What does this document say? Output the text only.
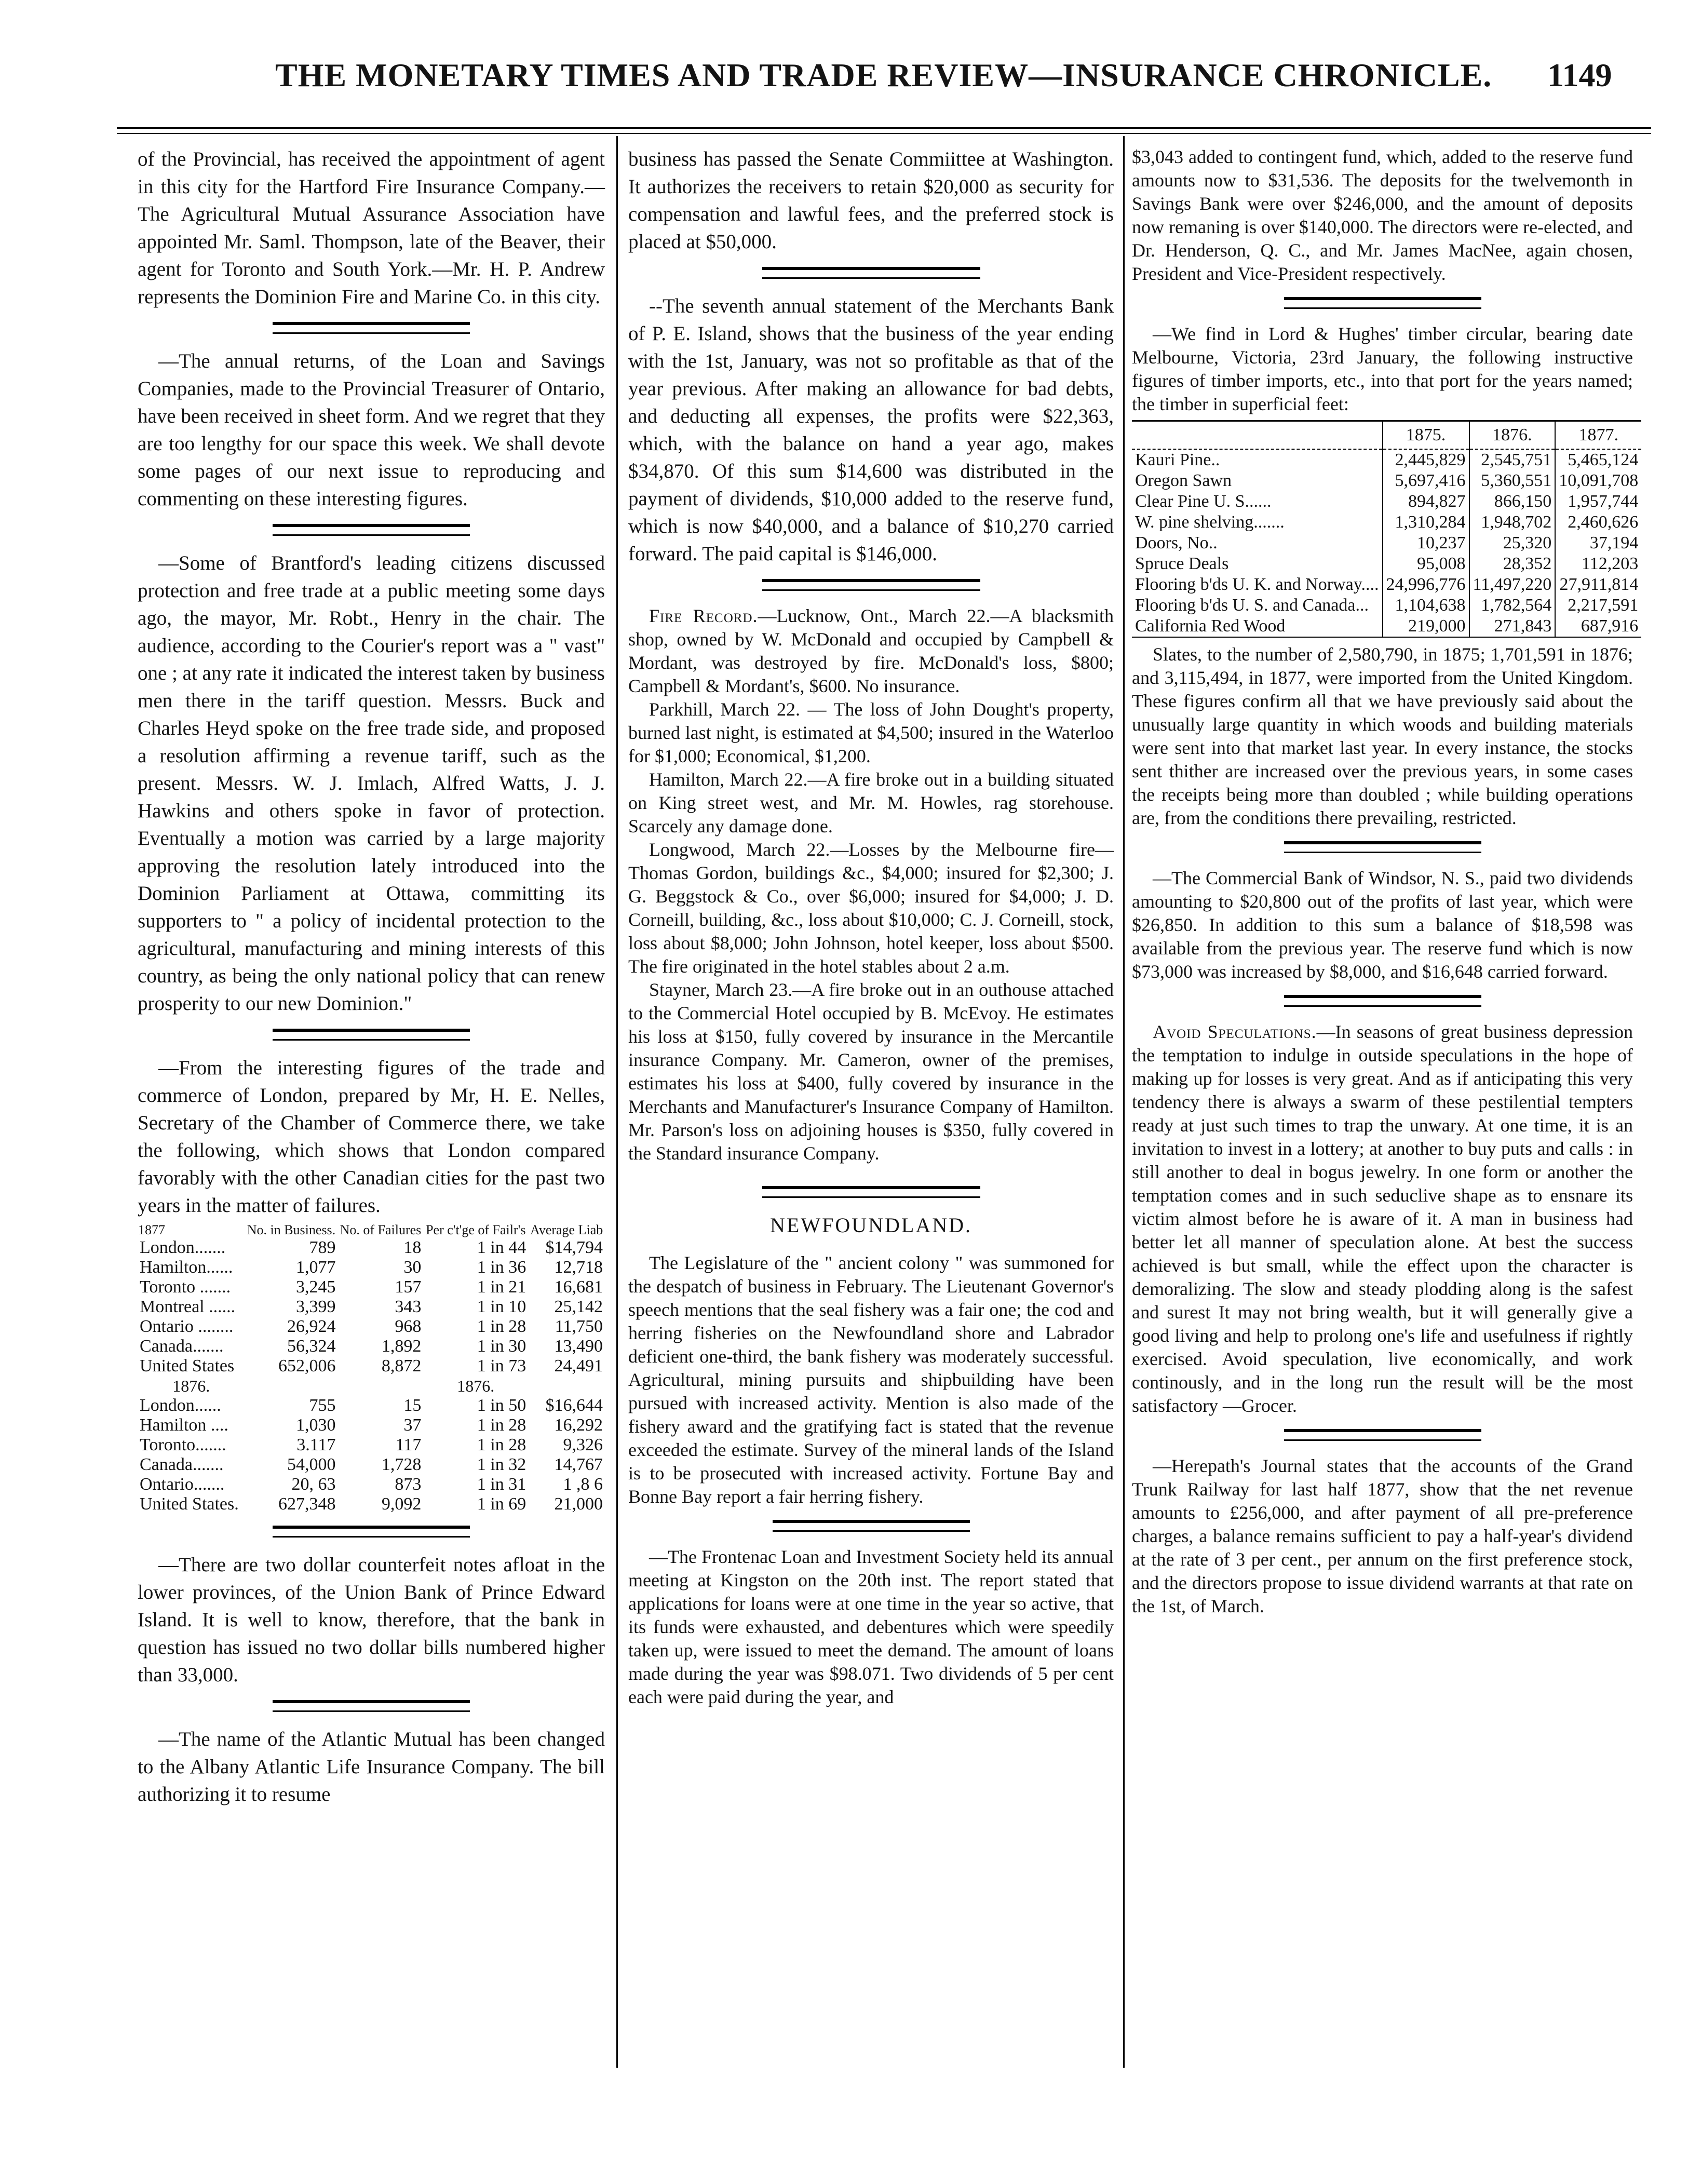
THE MONETARY TIMES AND TRADE REVIEW—INSURANCE CHRONICLE. 1149

of the Provincial, has received the appointment of agent in this city for the Hartford Fire Insurance Company.—The Agricultural Mutual Assurance Association have appointed Mr. Saml. Thompson, late of the Beaver, their agent for Toronto and South York.—Mr. H. P. Andrew represents the Dominion Fire and Marine Co. in this city.

—The annual returns, of the Loan and Savings Companies, made to the Provincial Treasurer of Ontario, have been received in sheet form. And we regret that they are too lengthy for our space this week. We shall devote some pages of our next issue to reproducing and commenting on these interesting figures.

—Some of Brantford's leading citizens discussed protection and free trade at a public meeting some days ago, the mayor, Mr. Robt., Henry in the chair. The audience, according to the Courier's report was a " vast" one ; at any rate it indicated the interest taken by business men there in the tariff question. Messrs. Buck and Charles Heyd spoke on the free trade side, and proposed a resolution affirming a revenue tariff, such as the present. Messrs. W. J. Imlach, Alfred Watts, J. J. Hawkins and others spoke in favor of protection. Eventually a motion was carried by a large majority approving the resolution lately introduced into the Dominion Parliament at Ottawa, committing its supporters to " a policy of incidental protection to the agricultural, manufacturing and mining interests of this country, as being the only national policy that can renew prosperity to our new Dominion."

—From the interesting figures of the trade and commerce of London, prepared by Mr, H. E. Nelles, Secretary of the Chamber of Commerce there, we take the following, which shows that London compared favorably with the other Canadian cities for the past two years in the matter of failures.

1877	No. in Business.	No. of Failures	Per c't'ge of Failr's	Average Liab
London.......	789	18	1 in 44	$14,794
Hamilton......	1,077	30	1 in 36	12,718
Toronto .......	3,245	157	1 in 21	16,681
Montreal ......	3,399	343	1 in 10	25,142
Ontario ........	26,924	968	1 in 28	11,750
Canada.......	56,324	1,892	1 in 30	13,490
United States	652,006	8,872	1 in 73	24,491
1876.			1876.	
London......	755	15	1 in 50	$16,644
Hamilton ....	1,030	37	1 in 28	16,292
Toronto.......	3.117	117	1 in 28	9,326
Canada.......	54,000	1,728	1 in 32	14,767
Ontario.......	20, 63	873	1 in 31	1 ,8 6
United States.	627,348	9,092	1 in 69	21,000

—There are two dollar counterfeit notes afloat in the lower provinces, of the Union Bank of Prince Edward Island. It is well to know, therefore, that the bank in question has issued no two dollar bills numbered higher than 33,000.

—The name of the Atlantic Mutual has been changed to the Albany Atlantic Life Insurance Company. The bill authorizing it to resume

business has passed the Senate Commiittee at Washington. It authorizes the receivers to retain $20,000 as security for compensation and lawful fees, and the preferred stock is placed at $50,000.

--The seventh annual statement of the Merchants Bank of P. E. Island, shows that the business of the year ending with the 1st, January, was not so profitable as that of the year previous. After making an allowance for bad debts, and deducting all expenses, the profits were $22,363, which, with the balance on hand a year ago, makes $34,870. Of this sum $14,600 was distributed in the payment of dividends, $10,000 added to the reserve fund, which is now $40,000, and a balance of $10,270 carried forward. The paid capital is $146,000.

Fire Record.—Lucknow, Ont., March 22.—A blacksmith shop, owned by W. McDonald and occupied by Campbell & Mordant, was destroyed by fire. McDonald's loss, $800; Campbell & Mordant's, $600. No insurance.

Parkhill, March 22. — The loss of John Dought's property, burned last night, is estimated at $4,500; insured in the Waterloo for $1,000; Economical, $1,200.

Hamilton, March 22.—A fire broke out in a building situated on King street west, and Mr. M. Howles, rag storehouse. Scarcely any damage done.

Longwood, March 22.—Losses by the Melbourne fire—Thomas Gordon, buildings &c., $4,000; insured for $2,300; J. G. Beggstock & Co., over $6,000; insured for $4,000; J. D. Corneill, building, &c., loss about $10,000; C. J. Corneill, stock, loss about $8,000; John Johnson, hotel keeper, loss about $500. The fire originated in the hotel stables about 2 a.m.

Stayner, March 23.—A fire broke out in an outhouse attached to the Commercial Hotel occupied by B. McEvoy. He estimates his loss at $150, fully covered by insurance in the Mercantile insurance Company. Mr. Cameron, owner of the premises, estimates his loss at $400, fully covered by insurance in the Merchants and Manufacturer's Insurance Company of Hamilton. Mr. Parson's loss on adjoining houses is $350, fully covered in the Standard insurance Company.

NEWFOUNDLAND.

The Legislature of the " ancient colony " was summoned for the despatch of business in February. The Lieutenant Governor's speech mentions that the seal fishery was a fair one; the cod and herring fisheries on the Newfoundland shore and Labrador deficient one-third, the bank fishery was moderately successful. Agricultural, mining pursuits and shipbuilding have been pursued with increased activity. Mention is also made of the fishery award and the gratifying fact is stated that the revenue exceeded the estimate. Survey of the mineral lands of the Island is to be prosecuted with increased activity. Fortune Bay and Bonne Bay report a fair herring fishery.

—The Frontenac Loan and Investment Society held its annual meeting at Kingston on the 20th inst. The report stated that applications for loans were at one time in the year so active, that its funds were exhausted, and debentures which were speedily taken up, were issued to meet the demand. The amount of loans made during the year was $98.071. Two dividends of 5 per cent each were paid during the year, and

$3,043 added to contingent fund, which, added to the reserve fund amounts now to $31,536. The deposits for the twelvemonth in Savings Bank were over $246,000, and the amount of deposits now remaning is over $140,000. The directors were re-elected, and Dr. Henderson, Q. C., and Mr. James MacNee, again chosen, President and Vice-President respectively.

—We find in Lord & Hughes' timber circular, bearing date Melbourne, Victoria, 23rd January, the following instructive figures of timber imports, etc., into that port for the years named; the timber in superficial feet:

	1875.	1876.	1877.
Kauri Pine..	2,445,829	2,545,751	5,465,124
Oregon Sawn	5,697,416	5,360,551	10,091,708
Clear Pine U. S......	894,827	866,150	1,957,744
W. pine shelving.......	1,310,284	1,948,702	2,460,626
Doors, No..	10,237	25,320	37,194
Spruce Deals	95,008	28,352	112,203
Flooring b'ds U. K. and Norway....	24,996,776	11,497,220	27,911,814
Flooring b'ds U. S. and Canada...	1,104,638	1,782,564	2,217,591
California Red Wood	219,000	271,843	687,916

Slates, to the number of 2,580,790, in 1875; 1,701,591 in 1876; and 3,115,494, in 1877, were imported from the United Kingdom. These figures confirm all that we have previously said about the unusually large quantity in which woods and building materials were sent into that market last year. In every instance, the stocks sent thither are increased over the previous years, in some cases the receipts being more than doubled ; while building operations are, from the conditions there prevailing, restricted.

—The Commercial Bank of Windsor, N. S., paid two dividends amounting to $20,800 out of the profits of last year, which were $26,850. In addition to this sum a balance of $18,598 was available from the previous year. The reserve fund which is now $73,000 was increased by $8,000, and $16,648 carried forward.

Avoid Speculations.—In seasons of great business depression the temptation to indulge in outside speculations in the hope of making up for losses is very great. And as if anticipating this very tendency there is always a swarm of these pestilential tempters ready at just such times to trap the unwary. At one time, it is an invitation to invest in a lottery; at another to buy puts and calls : in still another to deal in bogus jewelry. In one form or another the temptation comes and in such seduclive shape as to ensnare its victim almost before he is aware of it. A man in business had better let all manner of speculation alone. At best the success achieved is but small, while the effect upon the character is demoralizing. The slow and steady plodding along is the safest and surest It may not bring wealth, but it will generally give a good living and help to prolong one's life and usefulness if rightly exercised. Avoid speculation, live economically, and work continously, and in the long run the result will be the most satisfactory —Grocer.

—Herepath's Journal states that the accounts of the Grand Trunk Railway for last half 1877, show that the net revenue amounts to £256,000, and after payment of all pre-preference charges, a balance remains sufficient to pay a half-year's dividend at the rate of 3 per cent., per annum on the first preference stock, and the directors propose to issue dividend warrants at that rate on the 1st, of March.
